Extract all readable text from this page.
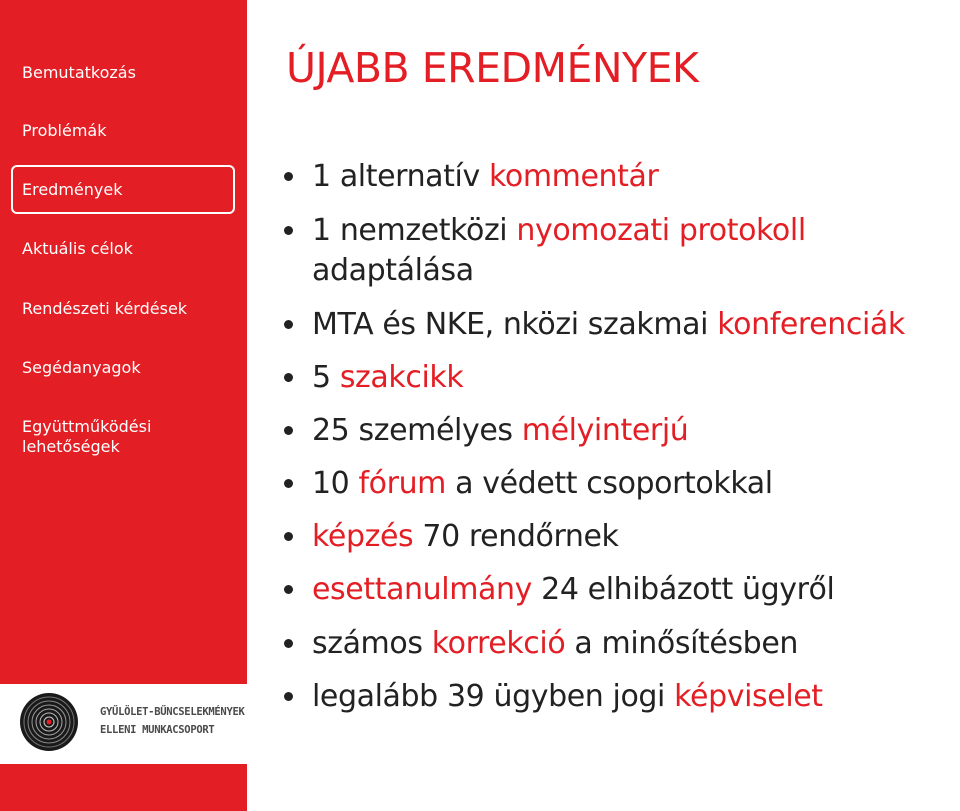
Bemutatkozás
Problémák
Eredmények
Aktuális célok
Rendészeti kérdések
Segédanyagok
Együttműködési lehetőségek
GYŰLÖLET-BŰNCSELEKMÉNYEK
ELLENI MUNKACSOPORT
ÚJABB EREDMÉNYEK
1 alternatív kommentár
1 nemzetközi nyomozati protokoll
adaptálása
MTA és NKE, nközi szakmai konferenciák
5 szakcikk
25 személyes mélyinterjú
10 fórum a védett csoportokkal
képzés 70 rendőrnek
esettanulmány 24 elhibázott ügyről
számos korrekció a minősítésben
legalább 39 ügyben jogi képviselet
